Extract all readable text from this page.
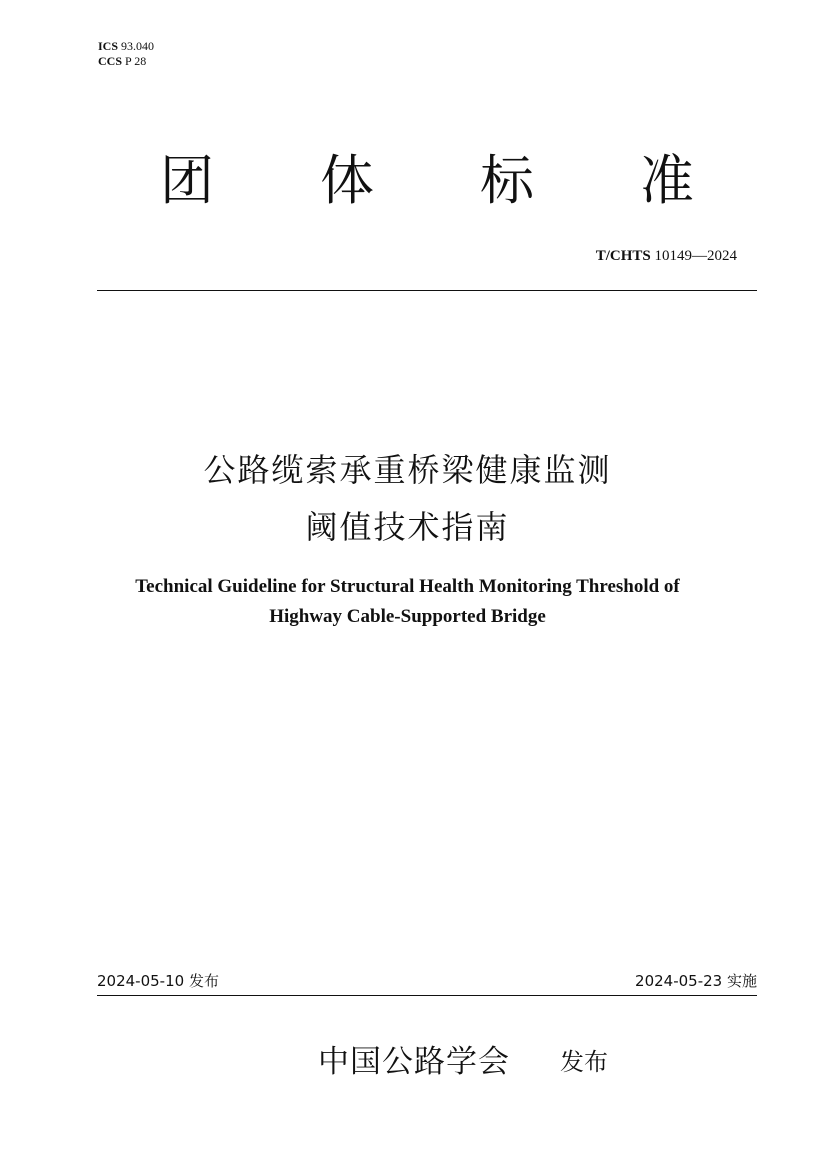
ICS 93.040
CCS P 28
团 体 标 准
T/CHTS 10149—2024
公路缆索承重桥梁健康监测
阈值技术指南
Technical Guideline for Structural Health Monitoring Threshold of
Highway Cable-Supported Bridge
2024-05-10 发布	2024-05-23 实施
中国公路学会 发布
